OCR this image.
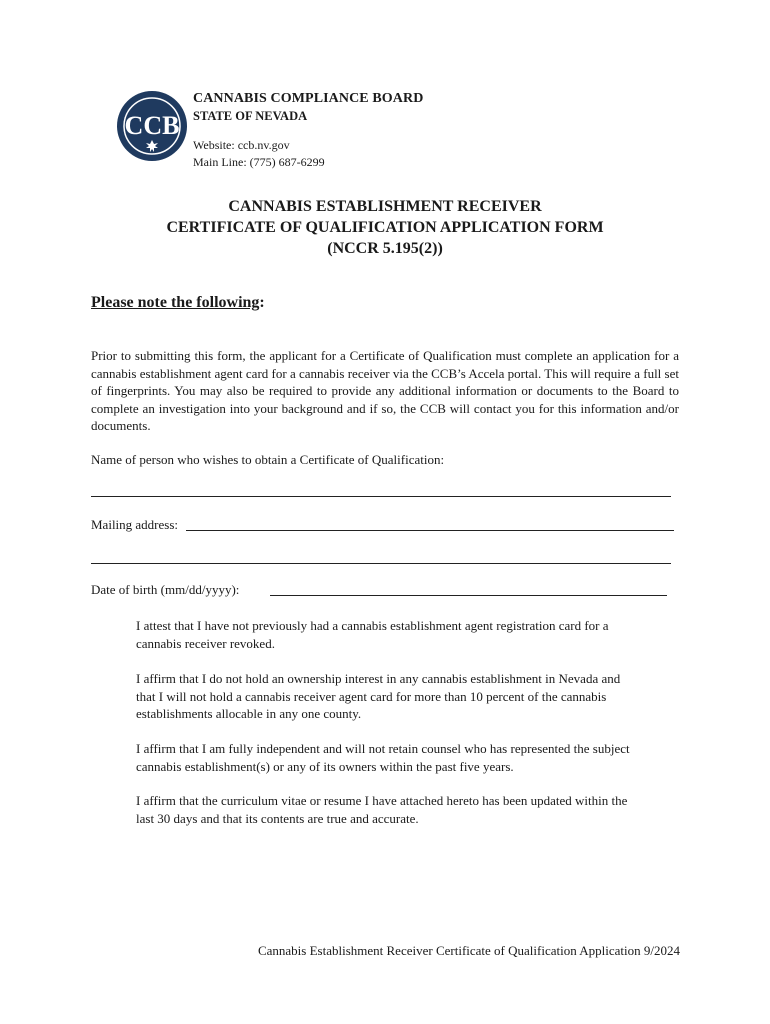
CCB
CANNABIS COMPLIANCE BOARD
STATE OF NEVADA
Website: ccb.nv.gov
Main Line: (775) 687-6299
CANNABIS ESTABLISHMENT RECEIVER
CERTIFICATE OF QUALIFICATION APPLICATION FORM
(NCCR 5.195(2))
Please note the following:
Prior to submitting this form, the applicant for a Certificate of Qualification must complete an application for a cannabis establishment agent card for a cannabis receiver via the CCB’s Accela portal. This will require a full set of fingerprints. You may also be required to provide any additional information or documents to the Board to complete an investigation into your background and if so, the CCB will contact you for this information and/or documents.
Name of person who wishes to obtain a Certificate of Qualification:
Mailing address:
Date of birth (mm/dd/yyyy):
I attest that I have not previously had a cannabis establishment agent registration card for a cannabis receiver revoked.
I affirm that I do not hold an ownership interest in any cannabis establishment in Nevada and that I will not hold a cannabis receiver agent card for more than 10 percent of the cannabis establishments allocable in any one county.
I affirm that I am fully independent and will not retain counsel who has represented the subject cannabis establishment(s) or any of its owners within the past five years.
I affirm that the curriculum vitae or resume I have attached hereto has been updated within the last 30 days and that its contents are true and accurate.
Cannabis Establishment Receiver Certificate of Qualification Application 9/2024
